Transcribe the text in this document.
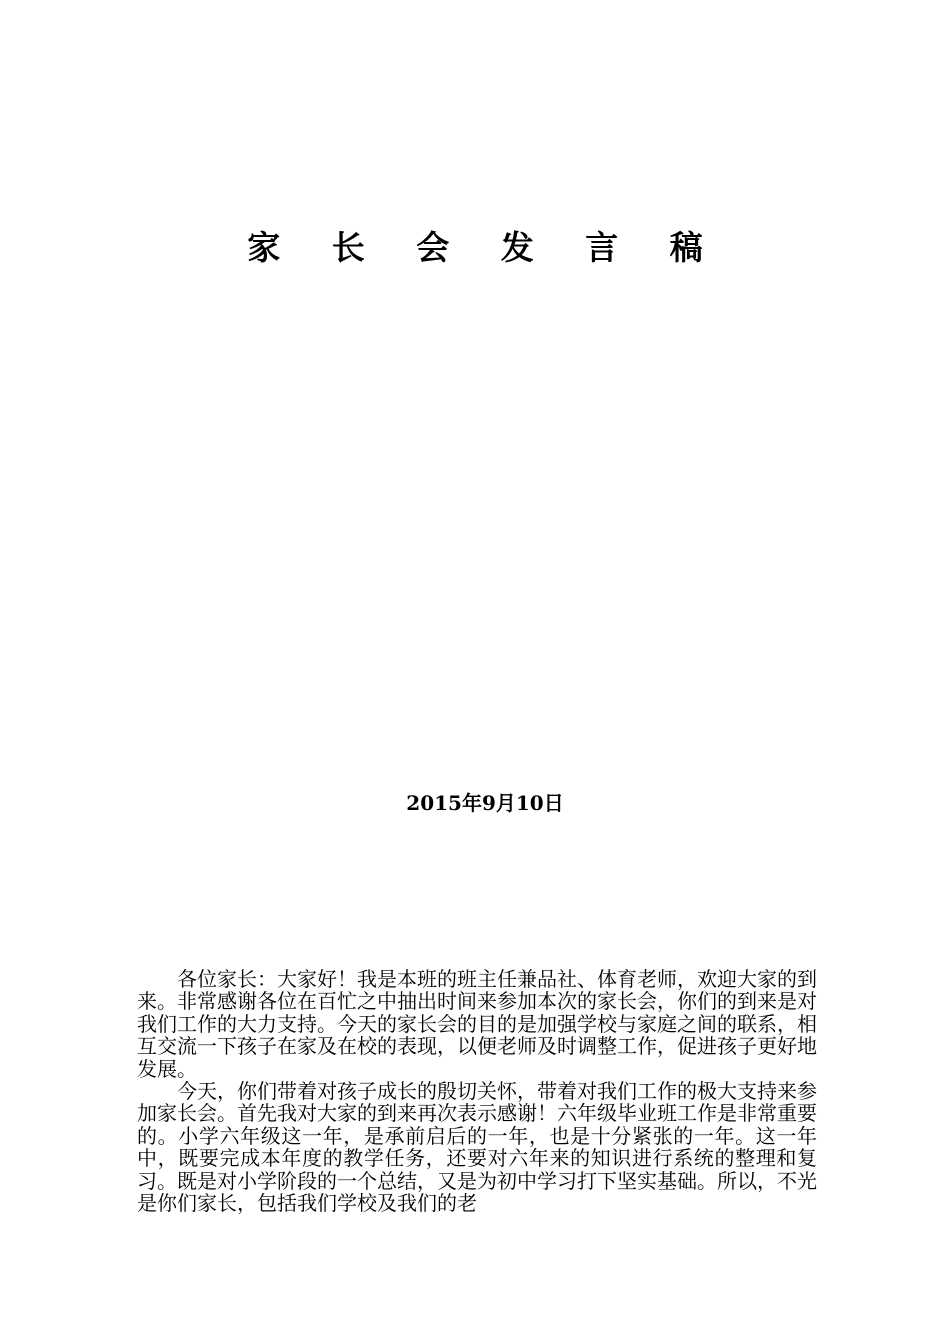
家 长 会 发 言 稿

2015年9月10日

各位家长：大家好！我是本班的班主任兼品社、体育老师，欢迎大家的到来。非常感谢各位在百忙之中抽出时间来参加本次的家长会，你们的到来是对我们工作的大力支持。今天的家长会的目的是加强学校与家庭之间的联系，相互交流一下孩子在家及在校的表现，以便老师及时调整工作，促进孩子更好地发展。

今天，你们带着对孩子成长的殷切关怀，带着对我们工作的极大支持来参加家长会。首先我对大家的到来再次表示感谢！六年级毕业班工作是非常重要的。小学六年级这一年，是承前启后的一年，也是十分紧张的一年。这一年中，既要完成本年度的教学任务，还要对六年来的知识进行系统的整理和复习。既是对小学阶段的一个总结，又是为初中学习打下坚实基础。所以，不光是你们家长，包括我们学校及我们的老
